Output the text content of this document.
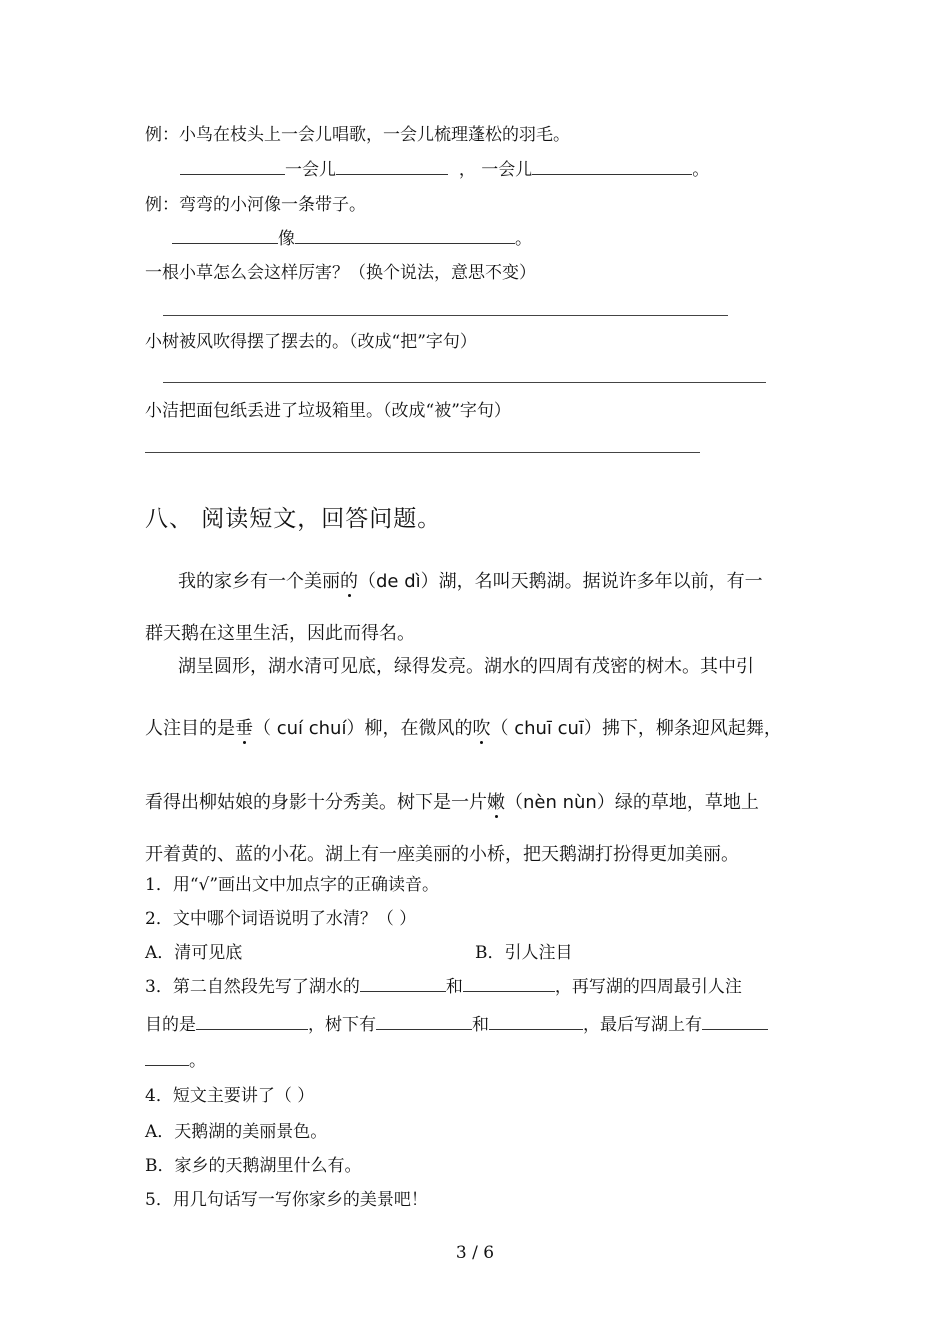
例：小鸟在枝头上一会儿唱歌，一会儿梳理蓬松的羽毛。
一会儿	， 一会儿	。
例：弯弯的小河像一条带子。
像	。
一根小草怎么会这样厉害？（换个说法，意思不变）
小树被风吹得摆了摆去的。（改成“把”字句）
小洁把面包纸丢进了垃圾箱里。（改成“被”字句）
八、 阅读短文，回答问题。
我的家乡有一个美丽的（de dì）湖，名叫天鹅湖。据说许多年以前，有一
群天鹅在这里生活，因此而得名。
湖呈圆形，湖水清可见底，绿得发亮。湖水的四周有茂密的树木。其中引
人注目的是垂（ cuí chuí）柳，在微风的吹（ chuī cuī）拂下，柳条迎风起舞，
看得出柳姑娘的身影十分秀美。树下是一片嫩（nèn nùn）绿的草地，草地上
开着黄的、蓝的小花。湖上有一座美丽的小桥，把天鹅湖打扮得更加美丽。
1．用“√”画出文中加点字的正确读音。
2．文中哪个词语说明了水清？（ ）
A．清可见底	B．引人注目
3．第二自然段先写了湖水的	和	，再写湖的四周最引人注
目的是	，树下有	和	，最后写湖上有
。
4．短文主要讲了（ ）
A．天鹅湖的美丽景色。
B．家乡的天鹅湖里什么有。
5．用几句话写一写你家乡的美景吧！
3 / 6
